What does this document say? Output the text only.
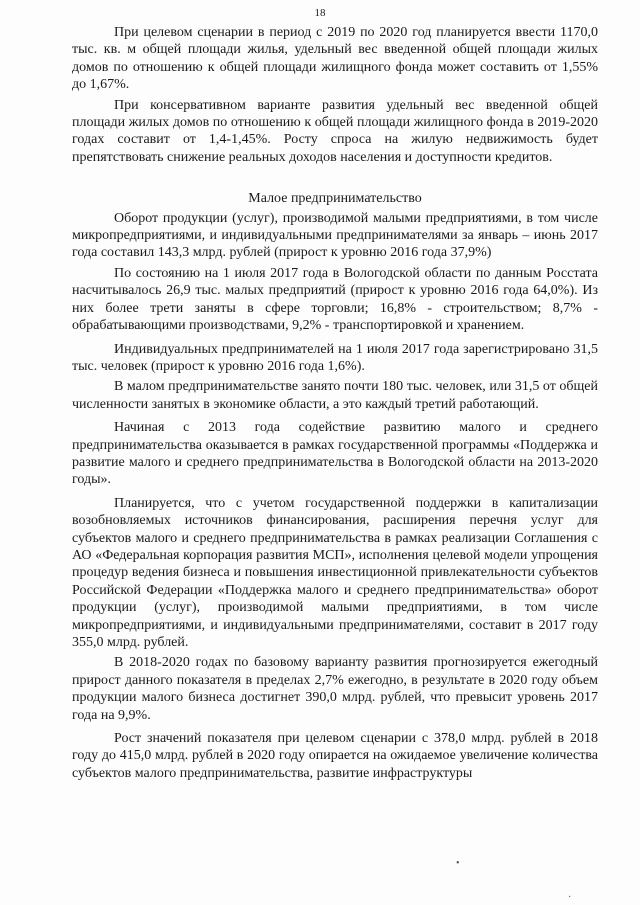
18

При целевом сценарии в период с 2019 по 2020 год планируется ввести 1170,0 тыс. кв. м общей площади жилья, удельный вес введенной общей площади жилых домов по отношению к общей площади жилищного фонда может составить от 1,55% до 1,67%.

При консервативном варианте развития удельный вес введенной общей площади жилых домов по отношению к общей площади жилищного фонда в 2019-2020 годах составит от 1,4-1,45%. Росту спроса на жилую недвижимость будет препятствовать снижение реальных доходов населения и доступности кредитов.

Малое предпринимательство

Оборот продукции (услуг), производимой малыми предприятиями, в том числе микропредприятиями, и индивидуальными предпринимателями за январь – июнь 2017 года составил 143,3 млрд. рублей (прирост к уровню 2016 года 37,9%)

По состоянию на 1 июля 2017 года в Вологодской области по данным Росстата насчитывалось 26,9 тыс. малых предприятий (прирост к уровню 2016 года 64,0%). Из них более трети заняты в сфере торговли; 16,8% - строительством; 8,7% - обрабатывающими производствами, 9,2% - транспортировкой и хранением.

Индивидуальных предпринимателей на 1 июля 2017 года зарегистрировано 31,5 тыс. человек (прирост к уровню 2016 года 1,6%).

В малом предпринимательстве занято почти 180 тыс. человек, или 31,5 от общей численности занятых в экономике области, а это каждый третий работающий.

Начиная с 2013 года содействие развитию малого и среднего предпринимательства оказывается в рамках государственной программы «Поддержка и развитие малого и среднего предпринимательства в Вологодской области на 2013-2020 годы».

Планируется, что с учетом государственной поддержки в капитализации возобновляемых источников финансирования, расширения перечня услуг для субъектов малого и среднего предпринимательства в рамках реализации Соглашения с АО «Федеральная корпорация развития МСП», исполнения целевой модели упрощения процедур ведения бизнеса и повышения инвестиционной привлекательности субъектов Российской Федерации «Поддержка малого и среднего предпринимательства» оборот продукции (услуг), производимой малыми предприятиями, в том числе микропредприятиями, и индивидуальными предпринимателями, составит в 2017 году 355,0 млрд. рублей.

В 2018-2020 годах по базовому варианту развития прогнозируется ежегодный прирост данного показателя в пределах 2,7% ежегодно, в результате в 2020 году объем продукции малого бизнеса достигнет 390,0 млрд. рублей, что превысит уровень 2017 года на 9,9%.

Рост значений показателя при целевом сценарии с 378,0 млрд. рублей в 2018 году до 415,0 млрд. рублей в 2020 году опирается на ожидаемое увеличение количества субъектов малого предпринимательства, развитие инфраструктуры

•
·
